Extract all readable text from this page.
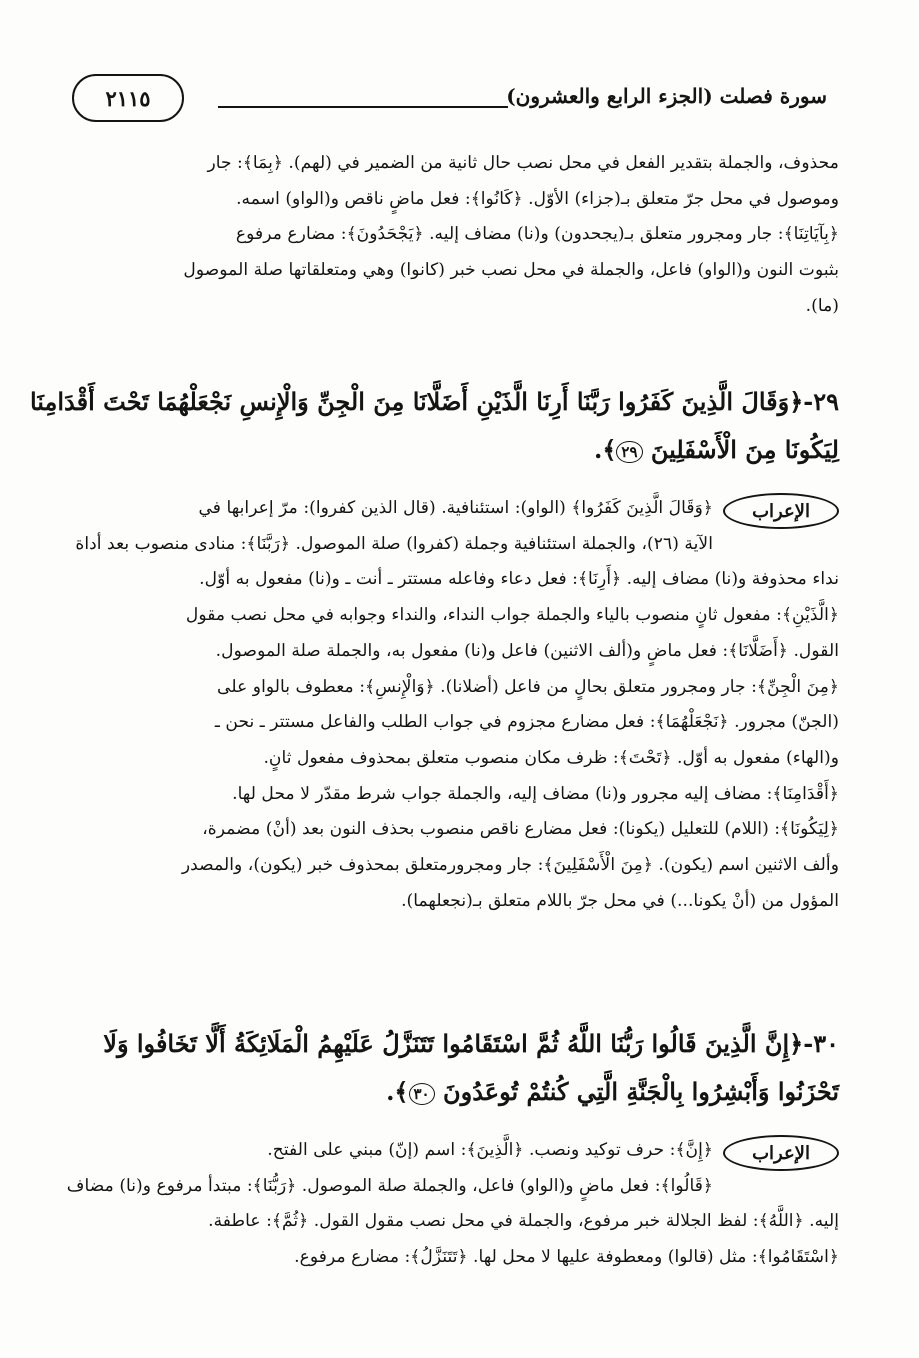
سورة فصلت (الجزء الرابع والعشرون)
٢١١٥

محذوف، والجملة بتقدير الفعل في محل نصب حال ثانية من الضمير في (لهم). ﴿بِمَا﴾: جار

وموصول في محل جرّ متعلق بـ(جزاء) الأوّل. ﴿كَانُوا﴾: فعل ماضٍ ناقص و(الواو) اسمه.

﴿بِآيَاتِنَا﴾: جار ومجرور متعلق بـ(يجحدون) و(نا) مضاف إليه. ﴿يَجْحَدُونَ﴾: مضارع مرفوع

بثبوت النون و(الواو) فاعل، والجملة في محل نصب خبر (كانوا) وهي ومتعلقاتها صلة الموصول

(ما).

٢٩-﴿وَقَالَ الَّذِينَ كَفَرُوا رَبَّنَا أَرِنَا الَّذَيْنِ أَضَلَّانَا مِنَ الْجِنِّ وَالْإِنسِ نَجْعَلْهُمَا تَحْتَ أَقْدَامِنَا

لِيَكُونَا مِنَ الْأَسْفَلِينَ ٢٩﴾.

الإعراب

﴿وَقَالَ الَّذِينَ كَفَرُوا﴾ (الواو): استئنافية. (قال الذين كفروا): مرّ إعرابها في

الآية (٢٦)، والجملة استئنافية وجملة (كفروا) صلة الموصول. ﴿رَبَّنَا﴾: منادى منصوب بعد أداة

نداء محذوفة و(نا) مضاف إليه. ﴿أَرِنَا﴾: فعل دعاء وفاعله مستتر ـ أنت ـ و(نا) مفعول به أوّل.

﴿الَّذَيْنِ﴾: مفعول ثانٍ منصوب بالياء والجملة جواب النداء، والنداء وجوابه في محل نصب مقول

القول. ﴿أَضَلَّانَا﴾: فعل ماضٍ و(ألف الاثنين) فاعل و(نا) مفعول به، والجملة صلة الموصول.

﴿مِنَ الْجِنِّ﴾: جار ومجرور متعلق بحالٍ من فاعل (أضلانا). ﴿وَالْإِنسِ﴾: معطوف بالواو على

(الجنّ) مجرور. ﴿نَجْعَلْهُمَا﴾: فعل مضارع مجزوم في جواب الطلب والفاعل مستتر ـ نحن ـ

و(الهاء) مفعول به أوّل. ﴿تَحْتَ﴾: ظرف مكان منصوب متعلق بمحذوف مفعول ثانٍ.

﴿أَقْدَامِنَا﴾: مضاف إليه مجرور و(نا) مضاف إليه، والجملة جواب شرط مقدّر لا محل لها.

﴿لِيَكُونَا﴾: (اللام) للتعليل (يكونا): فعل مضارع ناقص منصوب بحذف النون بعد (أنْ) مضمرة،

وألف الاثنين اسم (يكون). ﴿مِنَ الْأَسْفَلِينَ﴾: جار ومجرورمتعلق بمحذوف خبر (يكون)، والمصدر

المؤول من (أنْ يكونا...) في محل جرّ باللام متعلق بـ(نجعلهما).

٣٠-﴿إِنَّ الَّذِينَ قَالُوا رَبُّنَا اللَّهُ ثُمَّ اسْتَقَامُوا تَتَنَزَّلُ عَلَيْهِمُ الْمَلَائِكَةُ أَلَّا تَخَافُوا وَلَا

تَحْزَنُوا وَأَبْشِرُوا بِالْجَنَّةِ الَّتِي كُنتُمْ تُوعَدُونَ ٣٠﴾.

الإعراب

﴿إِنَّ﴾: حرف توكيد ونصب. ﴿الَّذِينَ﴾: اسم (إنّ) مبني على الفتح.

﴿قَالُوا﴾: فعل ماضٍ و(الواو) فاعل، والجملة صلة الموصول. ﴿رَبُّنَا﴾: مبتدأ مرفوع و(نا) مضاف

إليه. ﴿اللَّهُ﴾: لفظ الجلالة خبر مرفوع، والجملة في محل نصب مقول القول. ﴿ثُمَّ﴾: عاطفة.

﴿اسْتَقَامُوا﴾: مثل (قالوا) ومعطوفة عليها لا محل لها. ﴿تَتَنَزَّلُ﴾: مضارع مرفوع.
